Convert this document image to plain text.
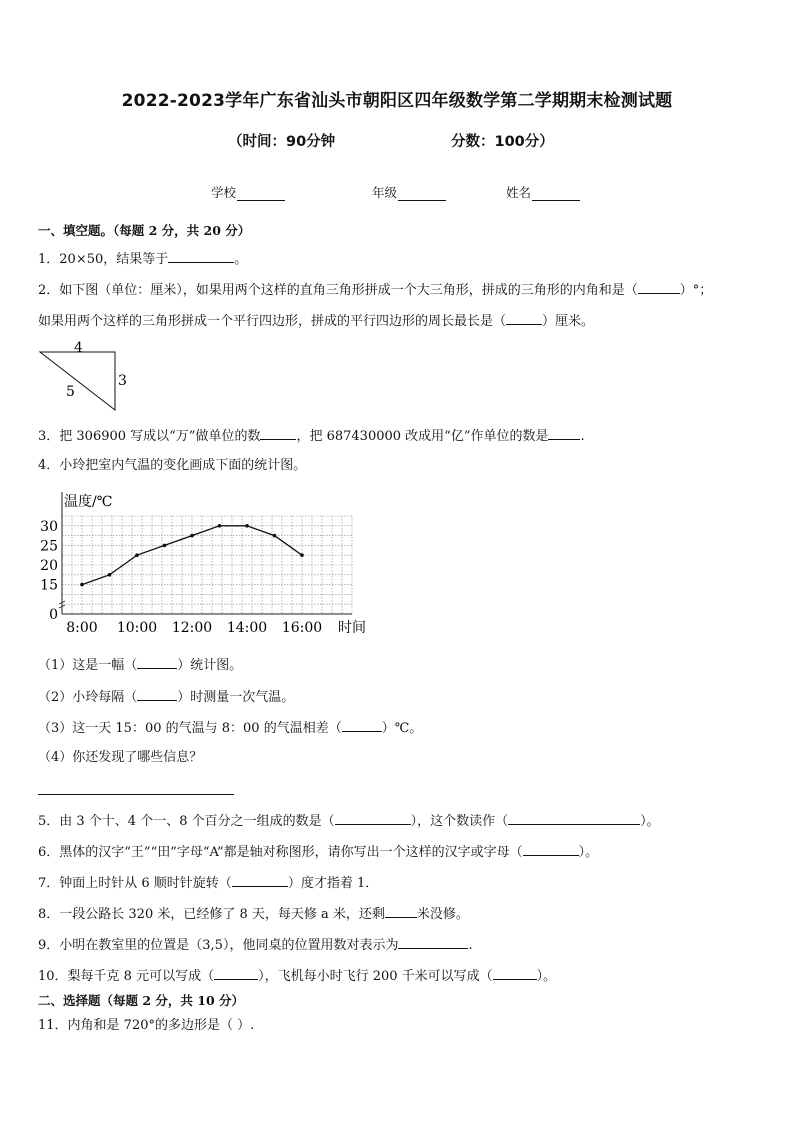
2022-2023学年广东省汕头市朝阳区四年级数学第二学期期末检测试题
（时间：90分钟	分数：100分）
学校	年级	姓名
一、填空题。（每题 2 分，共 20 分）
1．20×50，结果等于	。
2．如下图（单位：厘米），如果用两个这样的直角三角形拼成一个大三角形，拼成的三角形的内角和是（	）°；
如果用两个这样的三角形拼成一个平行四边形，拼成的平行四边形的周长最长是（	）厘米。
4
5
3
3．把 306900 写成以“万”做单位的数	，把 687430000 改成用“亿”作单位的数是 .
4．小玲把室内气温的变化画成下面的统计图。
0
15
20
25
30
8:00 10:00 12:00 14:00 16:00
温度/℃
时间
（1）这是一幅（	）统计图。
（2）小玲每隔（	）时测量一次气温。
（3）这一天 15：00 的气温与 8：00 的气温相差（	）℃。
（4）你还发现了哪些信息？
5．由 3 个十、4 个一、8 个百分之一组成的数是（	），这个数读作（	）。
6．黑体的汉字“王”“田”字母“A”都是轴对称图形，请你写出一个这样的汉字或字母（	）。
7．钟面上时针从 6 顺时针旋转（	）度才指着 1．
8．一段公路长 320 米，已经修了 8 天，每天修 a 米，还剩 米没修。
9．小明在教室里的位置是（3,5），他同桌的位置用数对表示为	.
10．梨每千克 8 元可以写成（	），飞机每小时飞行 200 千米可以写成（	）。
二、选择题（每题 2 分，共 10 分）
11．内角和是 720°的多边形是（ ）.
